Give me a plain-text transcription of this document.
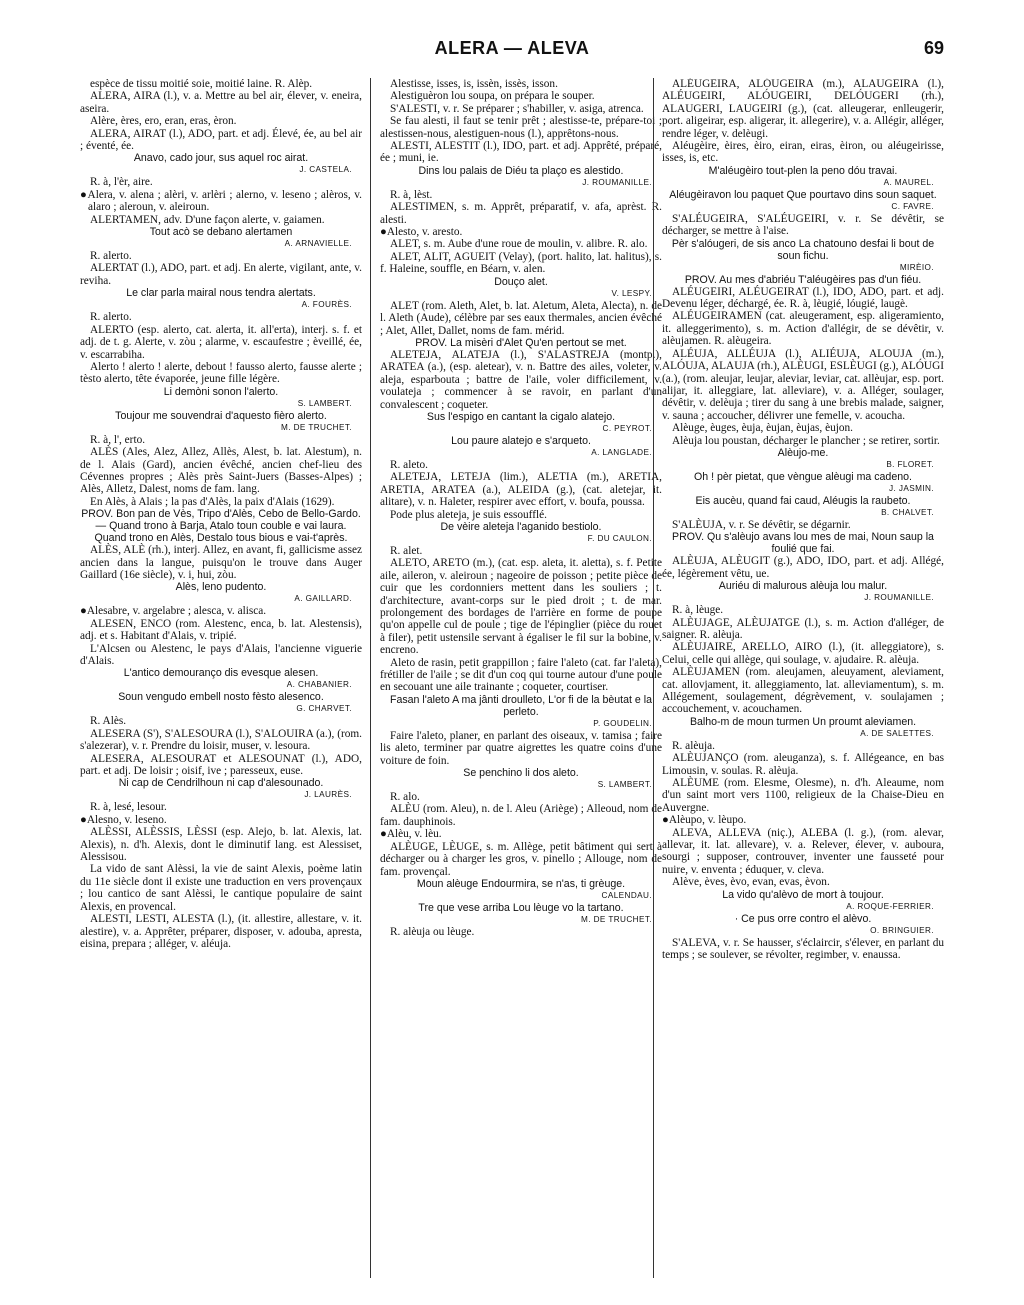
ALERA — ALEVA	69

espèce de tissu moitié soie, moitié laine. R. Alèp.

ALERA, AIRA (l.), v. a. Mettre au bel air, élever, v. eneira, aseira.

Alère, ères, ero, eran, eras, èron.

ALERA, AIRAT (l.), ADO, part. et adj. Élevé, ée, au bel air ; éventé, ée.

Anavo, cado jour, sus aquel roc airat.

J. CASTELA.

R. à, l'èr, aire.

●Alera, v. alena ; alèri, v. arlèri ; alerno, v. leseno ; alèros, v. alaro ; aleroun, v. aleiroun.

ALERTAMEN, adv. D'une façon alerte, v. gaiamen.

Tout acò se debano alertamen

A. ARNAVIELLE.

R. alerto.

ALERTAT (l.), ADO, part. et adj. En alerte, vigilant, ante, v. reviha.

Le clar parla mairal nous tendra alertats.

A. FOURÈS.

R. alerto.

ALERTO (esp. alerto, cat. alerta, it. all'erta), interj. s. f. et adj. de t. g. Alerte, v. zòu ; alarme, v. escaufestre ; èveillé, ée, v. escarrabiha.

Alerto ! alerto ! alerte, debout ! fausso alerto, fausse alerte ; tèsto alerto, tête évaporée, jeune fille légère.

Li demòni sonon l'alerto.

S. LAMBERT.

Toujour me souvendrai d'aquesto fièro alerto.

M. DE TRUCHET.

R. à, l', erto.

ALÈS (Ales, Alez, Allez, Allès, Alest, b. lat. Alestum), n. de l. Alais (Gard), ancien évêché, ancien chef-lieu des Cévennes propres ; Alès près Saint-Juers (Basses-Alpes) ; Alès, Alletz, Dalest, noms de fam. lang.

En Alès, à Alais ; la pas d'Alès, la paix d'Alais (1629).

PROV. Bon pan de Vès, Tripo d'Alès, Cebo de Bello-Gardo.

— Quand trono à Barja, Atalo toun couble e vai laura.

Quand trono en Alès, Destalo tous bious e vai-t'après.

ALÈS, ALÈ (rh.), interj. Allez, en avant, fi, gallicisme assez ancien dans la langue, puisqu'on le trouve dans Auger Gaillard (16e siècle), v. i, hui, zòu.

Alès, leno pudento.

A. GAILLARD.

●Alesabre, v. argelabre ; alesca, v. alisca.

ALESEN, ENCO (rom. Alestenc, enca, b. lat. Alestensis), adj. et s. Habitant d'Alais, v. tripié.

L'Alcsen ou Alestenc, le pays d'Alais, l'ancienne viguerie d'Alais.

L'antico demouranço dis evesque alesen.

A. CHABANIER.

Soun vengudo embell nosto fèsto alesenco.

G. CHARVET.

R. Alès.

ALESERA (S'), S'ALESOURA (l.), S'ALOUIRA (a.), (rom. s'alezerar), v. r. Prendre du loisir, muser, v. lesoura.

ALESERA, ALESOURAT et ALESOUNAT (l.), ADO, part. et adj. De loisir ; oisif, ive ; paresseux, euse.

Ni cap de Cendrilhoun ni cap d'alesounado.

J. LAURÈS.

R. à, lesé, lesour.

●Alesno, v. leseno.

ALÈSSI, ALÈSSIS, LÈSSI (esp. Alejo, b. lat. Alexis, lat. Alexis), n. d'h. Alexis, dont le diminutif lang. est Alessiset, Alessisou.

La vido de sant Alèssi, la vie de saint Alexis, poème latin du 11e siècle dont il existe une traduction en vers provençaux ; lou cantico de sant Alèssi, le cantique populaire de saint Alexis, en provencal.

ALESTI, LESTI, ALESTA (l.), (it. allestire, allestare, v. it. alestire), v. a. Apprêter, préparer, disposer, v. adouba, apresta, eisina, prepara ; alléger, v. aléuja.

Alestisse, isses, is, issèn, issès, isson.

Alestiguèron lou soupa, on prépara le souper.

S'ALESTI, v. r. Se préparer ; s'habiller, v. asiga, atrenca.

Se fau alesti, il faut se tenir prêt ; alestisse-te, prépare-toi ; alestissen-nous, alestiguen-nous (l.), apprêtons-nous.

ALESTI, ALESTIT (l.), IDO, part. et adj. Apprêté, préparé, ée ; muni, ie.

Dins lou palais de Diéu ta plaço es alestido.

J. ROUMANILLE.

R. à, lèst.

ALESTIMEN, s. m. Apprêt, préparatif, v. afa, aprèst. R. alesti.

●Alesto, v. aresto.

ALET, s. m. Aube d'une roue de moulin, v. alibre. R. alo.

ALET, ALIT, AGUEIT (Velay), (port. halito, lat. halitus), s. f. Haleine, souffle, en Béarn, v. alen.

Douço alet.

V. LESPY.

ALET (rom. Aleth, Alet, b. lat. Aletum, Aleta, Alecta), n. de l. Aleth (Aude), célèbre par ses eaux thermales, ancien évêché ; Alet, Allet, Dallet, noms de fam. mérid.

PROV. La misèri d'Alet Qu'en pertout se met.

ALETEJA, ALATEJA (l.), S'ALASTREJA (montp.), ARATEA (a.), (esp. aletear), v. n. Battre des ailes, voleter, v. aleja, esparbouta ; battre de l'aile, voler difficilement, v. voulateja ; commencer à se ravoir, en parlant d'un convalescent ; coqueter.

Sus l'espigo en cantant la cigalo alatejo.

C. PEYROT.

Lou paure alatejo e s'arqueto.

A. LANGLADE.

R. aleto.

ALETEJA, LETEJA (lim.), ALETIA (m.), ARETIA, ARETIA, ARATEA (a.), ALEIDA (g.), (cat. aletejar, it. alitare), v. n. Haleter, respirer avec effort, v. boufa, poussa.

Pode plus aleteja, je suis essoufflé.

De vèire aleteja l'aganido bestiolo.

F. DU CAULON.

R. alet.

ALETO, ARETO (m.), (cat. esp. aleta, it. aletta), s. f. Petite aile, aileron, v. aleiroun ; nageoire de poisson ; petite pièce de cuir que les cordonniers mettent dans les souliers ; t. d'architecture, avant-corps sur le pied droit ; t. de mar. prolongement des bordages de l'arrière en forme de poupe qu'on appelle cul de poule ; tige de l'épinglier (pièce du rouet à filer), petit ustensile servant à égaliser le fil sur la bobine, v. encreno.

Aleto de rasin, petit grappillon ; faire l'aleto (cat. far l'aleta), frétiller de l'aile ; se dit d'un coq qui tourne autour d'une poule en secouant une aile trainante ; coqueter, courtiser.

Fasan l'aleto A ma jânti droulleto, L'or fi de la bèutat e la perleto.

P. GOUDELIN.

Faire l'aleto, planer, en parlant des oiseaux, v. tamisa ; faire lis aleto, terminer par quatre aigrettes les quatre coins d'une voiture de foin.

Se penchino li dos aleto.

S. LAMBERT.

R. alo.

ALÈU (rom. Aleu), n. de l. Aleu (Ariège) ; Alleoud, nom de fam. dauphinois.

●Alèu, v. lèu.

ALÈUGE, LÈUGE, s. m. Allège, petit bâtiment qui sert à décharger ou à charger les gros, v. pinello ; Allouge, nom de fam. provençal.

Moun alèuge Endourmira, se n'as, ti grèuge.

CALENDAU.

Tre que vese arriba Lou lèuge vo la tartano.

M. DE TRUCHET.

R. alèuja ou lèuge.

ALÉUGEIRA, ALÓUGEIRA (m.), ALAUGEIRA (l.), ALÉUGEIRI, ALÓUGEIRI, DELÓUGERI (rh.), ALAUGERI, LAUGEIRI (g.), (cat. alleugerar, enlleugerir, port. aligeirar, esp. aligerar, it. allegerire), v. a. Allégir, alléger, rendre léger, v. delèugi.

Aléugèire, èires, èiro, eiran, eiras, èiron, ou aléugeirisse, isses, is, etc.

M'aléugèiro tout-plen la peno dóu travai.

A. MAUREL.

Aléugèiravon lou paquet Que pourtavo dins soun saquet.

C. FAVRE.

S'ALÉUGEIRA, S'ALÉUGEIRI, v. r. Se dévêtir, se décharger, se mettre à l'aise.

Pèr s'alóugeri, de sis anco La chatouno desfai li bout de soun fichu.

MIRÈIO.

PROV. Au mes d'abriéu T'aléugèires pas d'un fiéu.

ALÉUGEIRI, ALÉUGEIRAT (l.), IDO, ADO, part. et adj. Devenu léger, déchargé, ée. R. à, lèugié, lóugié, laugè.

ALÉUGEIRAMEN (cat. aleugerament, esp. aligeramiento, it. alleggerimento), s. m. Action d'allégir, de se dévêtir, v. alèujamen. R. alèugeira.

ALÉUJA, ALLÉUJA (l.), ALIÉUJA, ALOUJA (m.), ALÓUJA, ALAUJA (rh.), ALÈUGI, ESLÈUGI (g.), ALÓUGI (a.), (rom. aleujar, leujar, aleviar, leviar, cat. allèujar, esp. port. alijar, it. alleggiare, lat. alleviare), v. a. Alléger, soulager, dévêtir, v. delèuja ; tirer du sang à une brebis malade, saigner, v. sauna ; accoucher, délivrer une femelle, v. acoucha.

Alèuge, èuges, èuja, èujan, èujas, èujon.

Alèuja lou poustan, décharger le plancher ; se retirer, sortir.

Alèujo-me.

B. FLORET.

Oh ! pèr pietat, que vèngue alèugi ma cadeno.

J. JASMIN.

Eis aucèu, quand fai caud, Aléugis la raubeto.

B. CHALVET.

S'ALÈUJA, v. r. Se dévêtir, se dégarnir.

PROV. Qu s'alèujo avans lou mes de mai, Noun saup la foulié que fai.

ALÈUJA, ALÈUGIT (g.), ADO, IDO, part. et adj. Allégé, ée, légèrement vêtu, ue.

Auriéu di malurous alèuja lou malur.

J. ROUMANILLE.

R. à, lèuge.

ALÈUJAGE, ALÈUJATGE (l.), s. m. Action d'alléger, de saigner. R. alèuja.

ALÈUJAIRE, ARELLO, AIRO (l.), (it. alleggiatore), s. Celui, celle qui allège, qui soulage, v. ajudaire. R. alèuja.

ALÈUJAMEN (rom. aleujamen, aleuyament, aleviament, cat. allovjament, it. alleggiamento, lat. alleviamentum), s. m. Allégement, soulagement, dégrèvement, v. soulajamen ; accouchement, v. acouchamen.

Balho-m de moun turmen Un proumt aleviamen.

A. DE SALETTES.

R. alèuja.

ALÈUJANÇO (rom. aleuganza), s. f. Allégeance, en bas Limousin, v. soulas. R. alèuja.

ALÈUME (rom. Elesme, Olesme), n. d'h. Aleaume, nom d'un saint mort vers 1100, religieux de la Chaise-Dieu en Auvergne.

●Alèupo, v. lèupo.

ALEVA, ALLEVA (niç.), ALEBA (l. g.), (rom. alevar, allevar, it. lat. allevare), v. a. Relever, élever, v. auboura, sourgi ; supposer, controuver, inventer une fausseté pour nuire, v. enventa ; éduquer, v. cleva.

Alève, èves, èvo, evan, evas, èvon.

La vido qu'alèvo de mort à toujour.

A. ROQUE-FERRIER.

· Ce pus orre contro el alèvo.

O. BRINGUIER.

S'ALEVA, v. r. Se hausser, s'éclaircir, s'élever, en parlant du temps ; se soulever, se révolter, regimber, v. enaussa.
